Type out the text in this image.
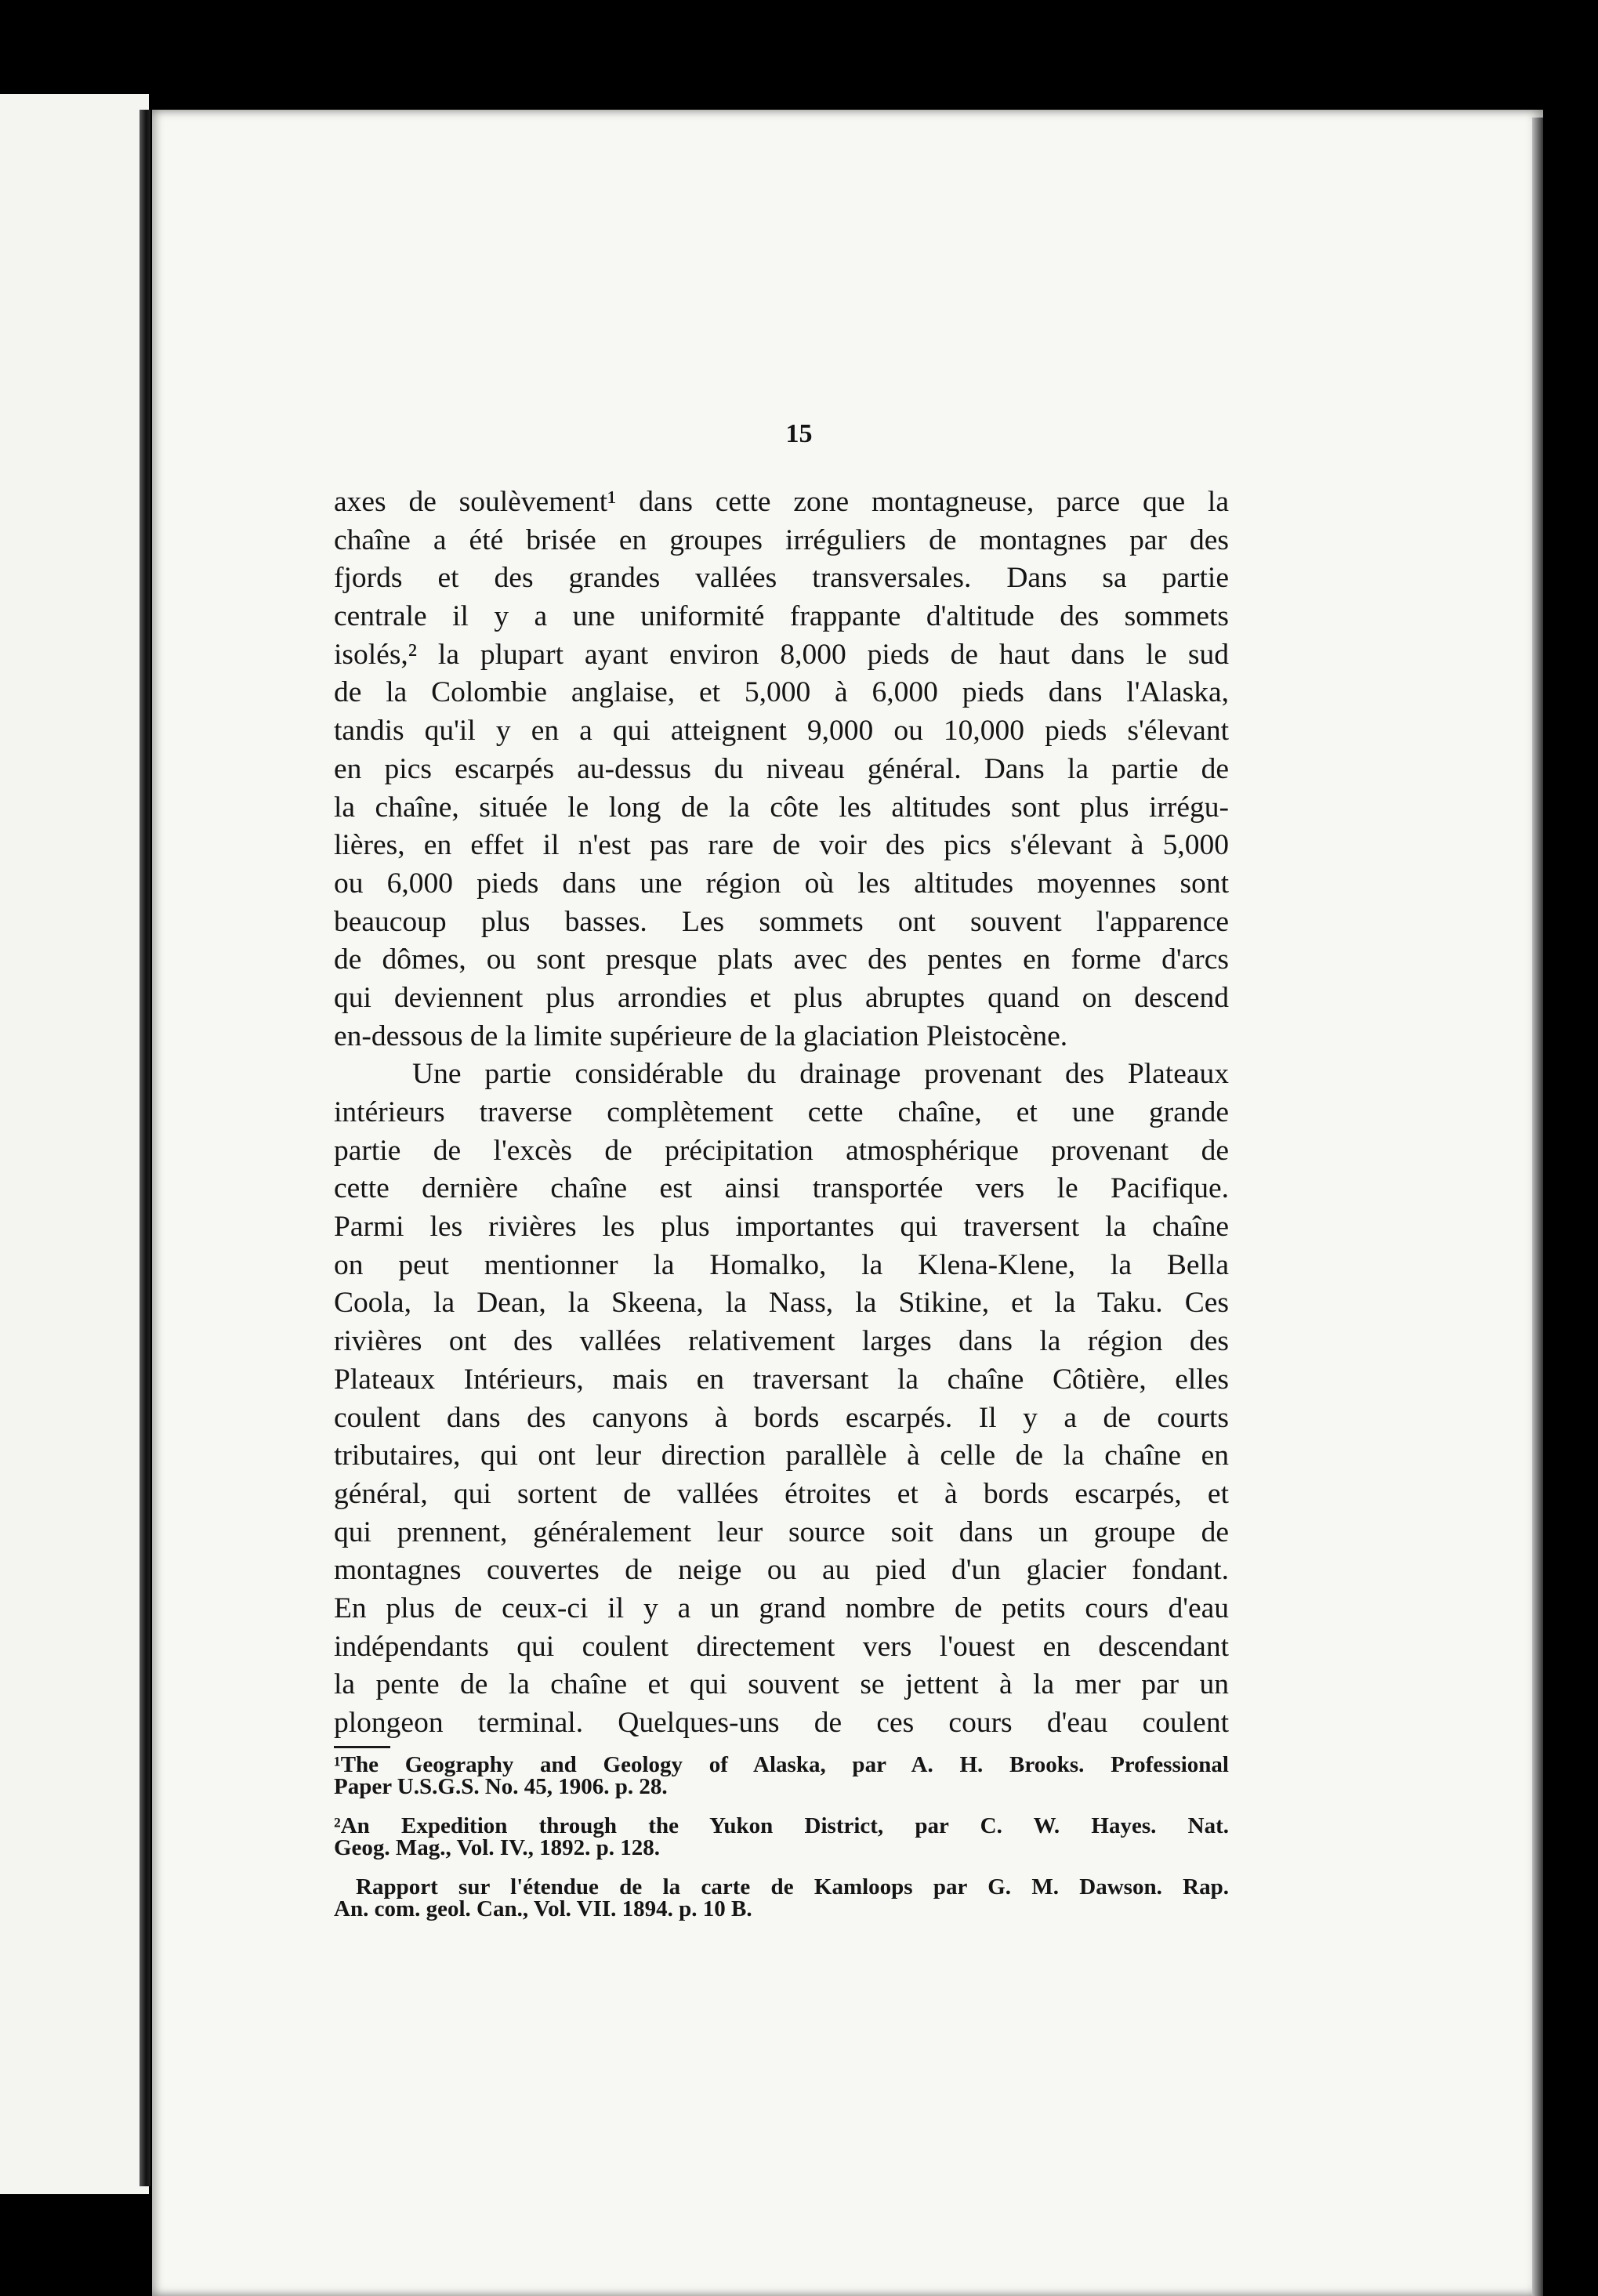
15
axes de soulèvement¹ dans cette zone montagneuse, parce que la
chaîne a été brisée en groupes irréguliers de montagnes par des
fjords et des grandes vallées transversales. Dans sa partie
centrale il y a une uniformité frappante d'altitude des sommets
isolés,² la plupart ayant environ 8,000 pieds de haut dans le sud
de la Colombie anglaise, et 5,000 à 6,000 pieds dans l'Alaska,
tandis qu'il y en a qui atteignent 9,000 ou 10,000 pieds s'élevant
en pics escarpés au-dessus du niveau général. Dans la partie de
la chaîne, située le long de la côte les altitudes sont plus irrégu-
lières, en effet il n'est pas rare de voir des pics s'élevant à 5,000
ou 6,000 pieds dans une région où les altitudes moyennes sont
beaucoup plus basses. Les sommets ont souvent l'apparence
de dômes, ou sont presque plats avec des pentes en forme d'arcs
qui deviennent plus arrondies et plus abruptes quand on descend
en-dessous de la limite supérieure de la glaciation Pleistocène.
Une partie considérable du drainage provenant des Plateaux
intérieurs traverse complètement cette chaîne, et une grande
partie de l'excès de précipitation atmosphérique provenant de
cette dernière chaîne est ainsi transportée vers le Pacifique.
Parmi les rivières les plus importantes qui traversent la chaîne
on peut mentionner la Homalko, la Klena-Klene, la Bella
Coola, la Dean, la Skeena, la Nass, la Stikine, et la Taku. Ces
rivières ont des vallées relativement larges dans la région des
Plateaux Intérieurs, mais en traversant la chaîne Côtière, elles
coulent dans des canyons à bords escarpés. Il y a de courts
tributaires, qui ont leur direction parallèle à celle de la chaîne en
général, qui sortent de vallées étroites et à bords escarpés, et
qui prennent, généralement leur source soit dans un groupe de
montagnes couvertes de neige ou au pied d'un glacier fondant.
En plus de ceux-ci il y a un grand nombre de petits cours d'eau
indépendants qui coulent directement vers l'ouest en descendant
la pente de la chaîne et qui souvent se jettent à la mer par un
plongeon terminal. Quelques-uns de ces cours d'eau coulent
¹The Geography and Geology of Alaska, par A. H. Brooks. Professional
Paper U.S.G.S. No. 45, 1906. p. 28.
²An Expedition through the Yukon District, par C. W. Hayes. Nat.
Geog. Mag., Vol. IV., 1892. p. 128.
Rapport sur l'étendue de la carte de Kamloops par G. M. Dawson. Rap.
An. com. geol. Can., Vol. VII. 1894. p. 10 B.
